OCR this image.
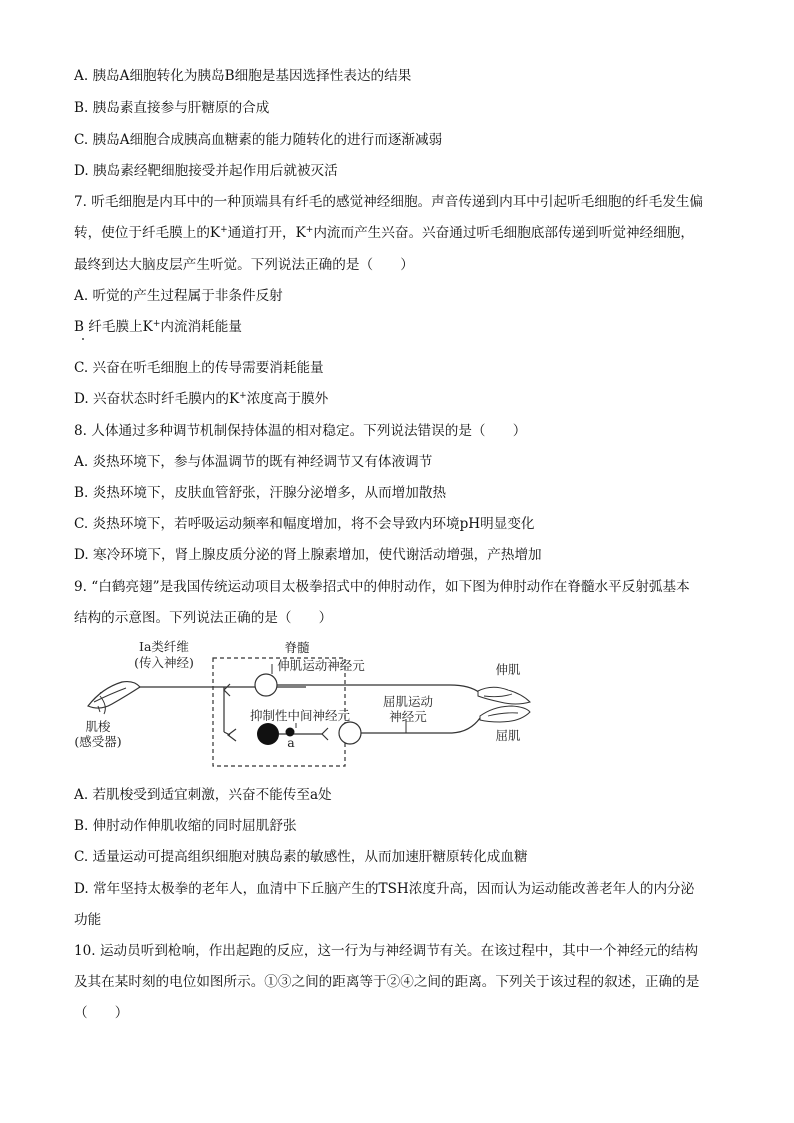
A. 胰岛A细胞转化为胰岛B细胞是基因选择性表达的结果
B. 胰岛素直接参与肝糖原的合成
C. 胰岛A细胞合成胰高血糖素的能力随转化的进行而逐渐减弱
D. 胰岛素经靶细胞接受并起作用后就被灭活
7. 听毛细胞是内耳中的一种顶端具有纤毛的感觉神经细胞。声音传递到内耳中引起听毛细胞的纤毛发生偏
转，使位于纤毛膜上的K+通道打开，K+内流而产生兴奋。兴奋通过听毛细胞底部传递到听觉神经细胞，
最终到达大脑皮层产生听觉。下列说法正确的是（　　）
A. 听觉的产生过程属于非条件反射
B 纤毛膜上K+内流消耗能量
C. 兴奋在听毛细胞上的传导需要消耗能量
D. 兴奋状态时纤毛膜内的K+浓度高于膜外
8. 人体通过多种调节机制保持体温的相对稳定。下列说法错误的是（　　）
A. 炎热环境下，参与体温调节的既有神经调节又有体液调节
B. 炎热环境下，皮肤血管舒张，汗腺分泌增多，从而增加散热
C. 炎热环境下，若呼吸运动频率和幅度增加，将不会导致内环境pH明显变化
D. 寒冷环境下，肾上腺皮质分泌的肾上腺素增加，使代谢活动增强，产热增加
9. “白鹤亮翅”是我国传统运动项目太极拳招式中的伸肘动作，如下图为伸肘动作在脊髓水平反射弧基本
结构的示意图。下列说法正确的是（　　）
Ⅰa类纤维
(传入神经)
脊髓
伸肌运动神经元
抑制性中间神经元
屈肌运动
神经元
伸肌
屈肌
肌梭
(感受器)	a
A. 若肌梭受到适宜刺激，兴奋不能传至a处
B. 伸肘动作伸肌收缩的同时屈肌舒张
C. 适量运动可提高组织细胞对胰岛素的敏感性，从而加速肝糖原转化成血糖
D. 常年坚持太极拳的老年人，血清中下丘脑产生的TSH浓度升高，因而认为运动能改善老年人的内分泌
功能
10. 运动员听到枪响，作出起跑的反应，这一行为与神经调节有关。在该过程中，其中一个神经元的结构
及其在某时刻的电位如图所示。①③之间的距离等于②④之间的距离。下列关于该过程的叙述，正确的是
（　　）
